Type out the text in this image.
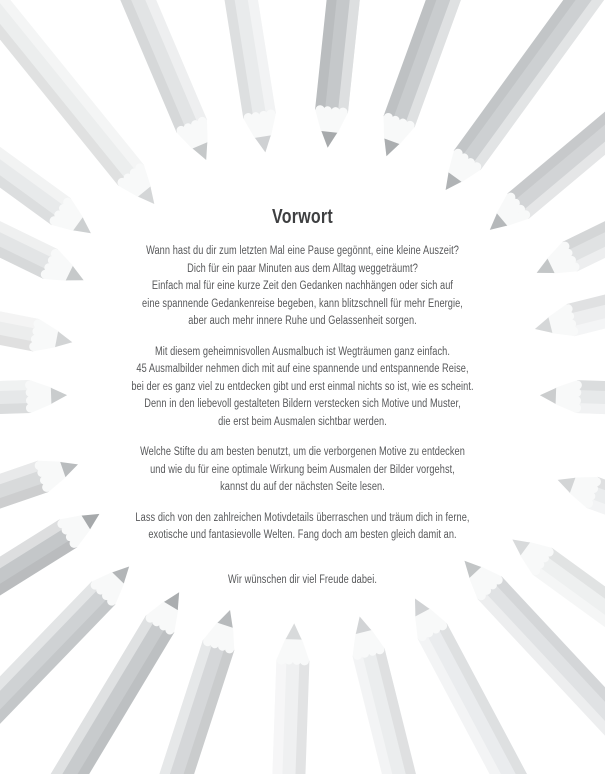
Vorwort
Wann hast du dir zum letzten Mal eine Pause gegönnt, eine kleine Auszeit?
Dich für ein paar Minuten aus dem Alltag weggeträumt?
Einfach mal für eine kurze Zeit den Gedanken nachhängen oder sich auf
eine spannende Gedankenreise begeben, kann blitzschnell für mehr Energie,
aber auch mehr innere Ruhe und Gelassenheit sorgen.
Mit diesem geheimnisvollen Ausmalbuch ist Wegträumen ganz einfach.
45 Ausmalbilder nehmen dich mit auf eine spannende und entspannende Reise,
bei der es ganz viel zu entdecken gibt und erst einmal nichts so ist, wie es scheint.
Denn in den liebevoll gestalteten Bildern verstecken sich Motive und Muster,
die erst beim Ausmalen sichtbar werden.
Welche Stifte du am besten benutzt, um die verborgenen Motive zu entdecken
und wie du für eine optimale Wirkung beim Ausmalen der Bilder vorgehst,
kannst du auf der nächsten Seite lesen.
Lass dich von den zahlreichen Motivdetails überraschen und träum dich in ferne,
exotische und fantasievolle Welten. Fang doch am besten gleich damit an.
Wir wünschen dir viel Freude dabei.
